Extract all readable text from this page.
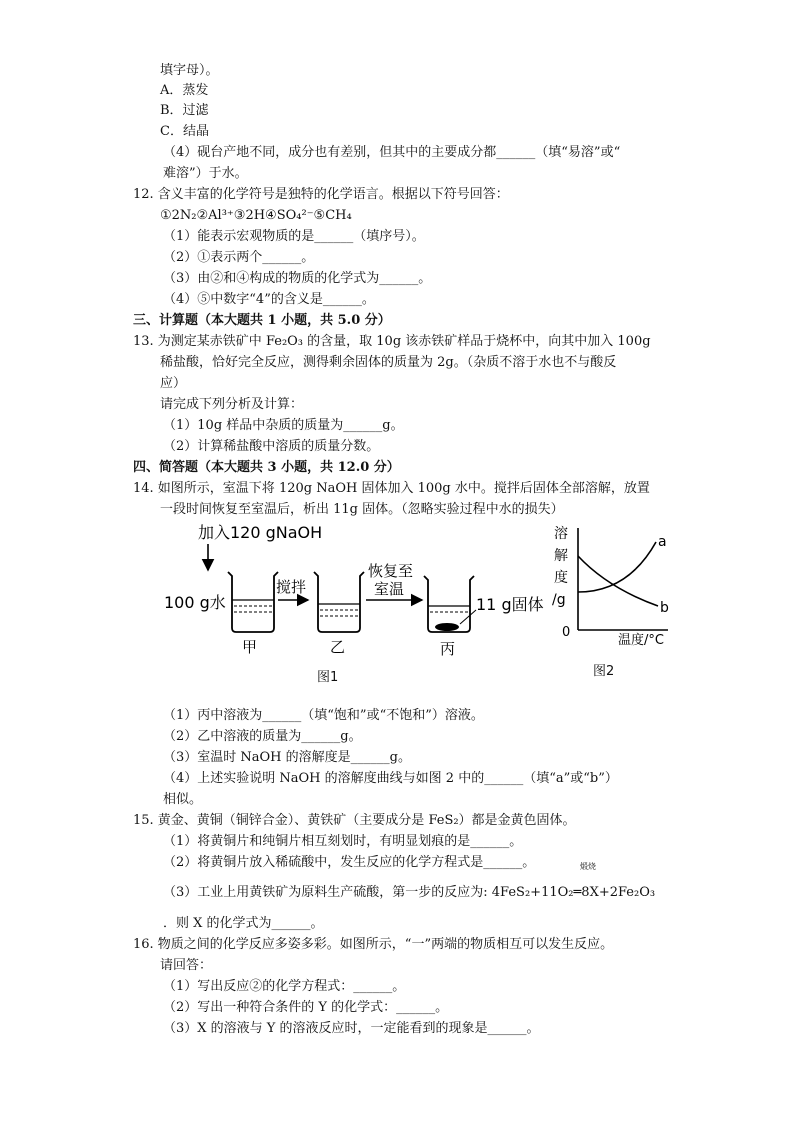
填字母）。
A．蒸发
B．过滤
C．结晶
（4）砚台产地不同，成分也有差别，但其中的主要成分都______（填“易溶”或“
难溶”）于水。
12. 含义丰富的化学符号是独特的化学语言。根据以下符号回答：
①2N₂②Al³⁺③2H④SO₄²⁻⑤CH₄
（1）能表示宏观物质的是______（填序号）。
（2）①表示两个______。
（3）由②和④构成的物质的化学式为______。
（4）⑤中数字“4”的含义是______。
三、计算题（本大题共 1 小题，共 5.0 分）
13. 为测定某赤铁矿中 Fe₂O₃ 的含量，取 10g 该赤铁矿样品于烧杯中，向其中加入 100g
稀盐酸，恰好完全反应，测得剩余固体的质量为 2g。（杂质不溶于水也不与酸反
应）
请完成下列分析及计算：
（1）10g 样品中杂质的质量为______g。
（2）计算稀盐酸中溶质的质量分数。
四、简答题（本大题共 3 小题，共 12.0 分）
14. 如图所示，室温下将 120g NaOH 固体加入 100g 水中。搅拌后固体全部溶解，放置
一段时间恢复至室温后，析出 11g 固体。（忽略实验过程中水的损失）
加入120 gNaOH
100 g水
甲
搅拌
乙
恢复至
室温
11 g固体
丙
图1
溶
解
度
/g
0
a
b
温度/°C
图2
（1）丙中溶液为______（填“饱和”或“不饱和”）溶液。
（2）乙中溶液的质量为______g。
（3）室温时 NaOH 的溶解度是______g。
（4）上述实验说明 NaOH 的溶解度曲线与如图 2 中的______（填“a”或“b”）
相似。
15. 黄金、黄铜（铜锌合金）、黄铁矿（主要成分是 FeS₂）都是金黄色固体。
（1）将黄铜片和纯铜片相互刻划时，有明显划痕的是______。
（2）将黄铜片放入稀硫酸中，发生反应的化学方程式是______。	煅烧
（3）工业上用黄铁矿为原料生产硫酸，第一步的反应为: 4FeS₂+11O₂═8X+2Fe₂O₃
．则 X 的化学式为______。
16. 物质之间的化学反应多姿多彩。如图所示，“一”两端的物质相互可以发生反应。
请回答：
（1）写出反应②的化学方程式：______。
（2）写出一种符合条件的 Y 的化学式：______。
（3）X 的溶液与 Y 的溶液反应时，一定能看到的现象是______。
